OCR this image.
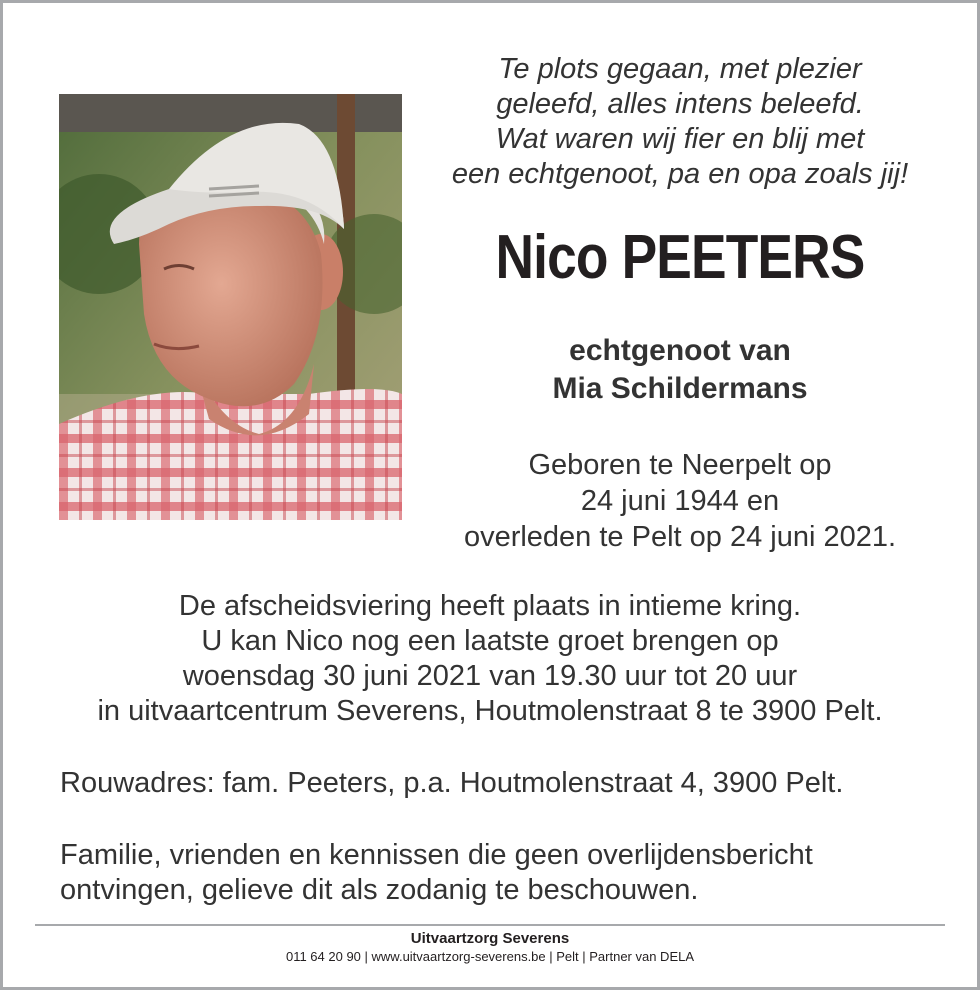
Te plots gegaan, met plezier
geleefd, alles intens beleefd.
Wat waren wij fier en blij met
een echtgenoot, pa en opa zoals jij!
Nico PEETERS
echtgenoot van
Mia Schildermans
Geboren te Neerpelt op
24 juni 1944 en
overleden te Pelt op 24 juni 2021.
De afscheidsviering heeft plaats in intieme kring.
U kan Nico nog een laatste groet brengen op
woensdag 30 juni 2021 van 19.30 uur tot 20 uur
in uitvaartcentrum Severens, Houtmolenstraat 8 te 3900 Pelt.
Rouwadres: fam. Peeters, p.a. Houtmolenstraat 4, 3900 Pelt.
Familie, vrienden en kennissen die geen overlijdensbericht
ontvingen, gelieve dit als zodanig te beschouwen.
Uitvaartzorg Severens
011 64 20 90 | www.uitvaartzorg-severens.be | Pelt | Partner van DELA
